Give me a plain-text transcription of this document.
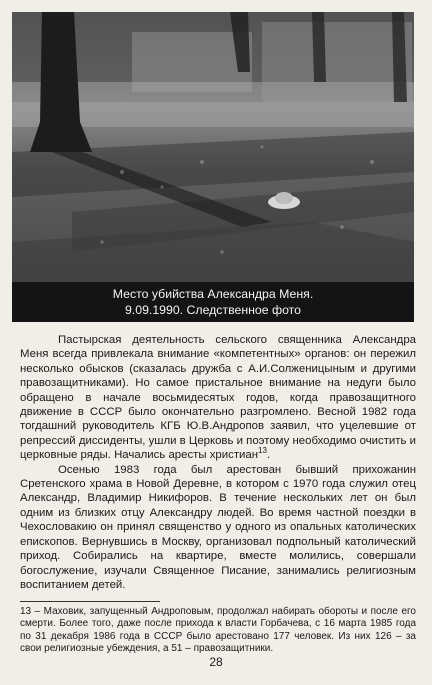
Место убийства Александра Меня.
9.09.1990. Следственное фото

Пастырская деятельность сельского священника Александра Меня всегда привлекала внимание «компетентных» органов: он пережил несколько обысков (сказалась дружба с А.И.Солженицыным и другими правозащитниками). Но самое пристальное внимание на недуги было обращено в начале восьмидесятых годов, когда правозащитного движение в СССР было окончательно разгромлено. Весной 1982 года тогдашний руководитель КГБ Ю.В.Андропов заявил, что уцелевшие от репрессий диссиденты, ушли в Церковь и поэтому необходимо очистить и церковные ряды. Начались аресты христиан$^{13}$.

Осенью 1983 года был арестован бывший прихожанин Сретенского храма в Новой Деревне, в котором с 1970 года служил отец Александр, Владимир Никифоров. В течение нескольких лет он был одним из близких отцу Александру людей. Во время частной поездки в Чехословакию он принял священство у одного из опальных католических епископов. Вернувшись в Москву, организовал подпольный католический приход. Собирались на квартире, вместе молились, совершали богослужение, изучали Священное Писание, занимались религиозным воспитанием детей.

13 – Маховик, запущенный Андроповым, продолжал набирать обороты и после его смерти. Более того, даже после прихода к власти Горбачева, с 16 марта 1985 года по 31 декабря 1986 года в СССР было арестовано 177 человек. Из них 126 – за свои религиозные убеждения, а 51 – правозащитники.
28
